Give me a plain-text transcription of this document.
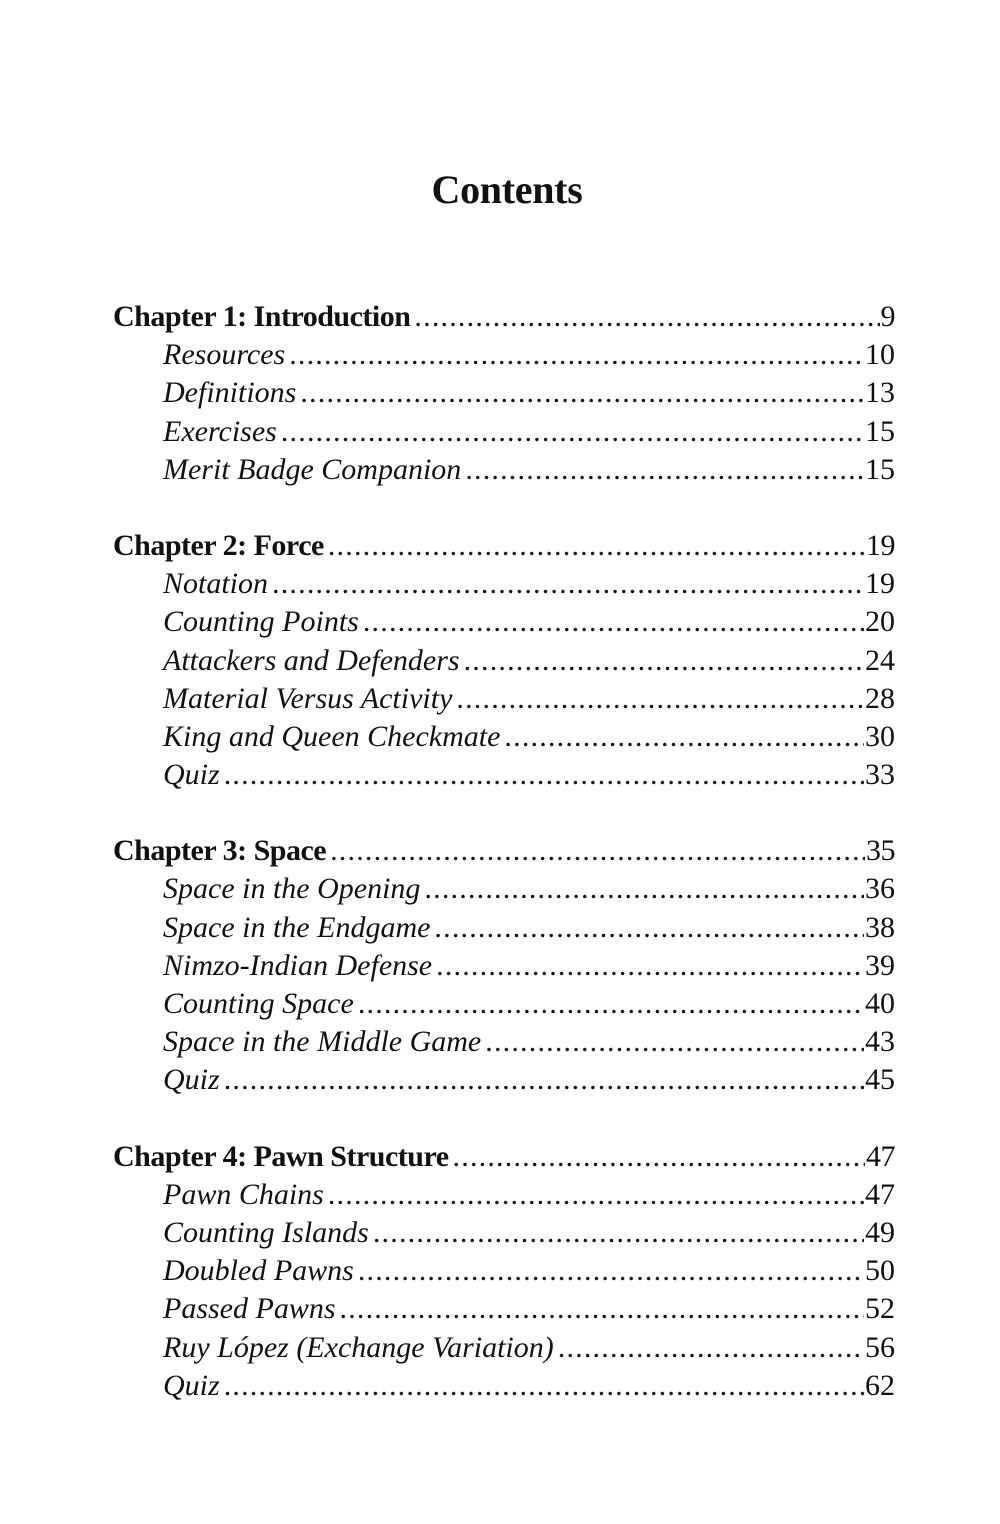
Contents
Chapter 1: Introduction .....	9
Resources .....	10
Definitions .....	13
Exercises .....	15
Merit Badge Companion .....	15
Chapter 2: Force .....	19
Notation .....	19
Counting Points .....	20
Attackers and Defenders .....	24
Material Versus Activity .....	28
King and Queen Checkmate .....	30
Quiz .....	33
Chapter 3: Space .....	35
Space in the Opening .....	36
Space in the Endgame .....	38
Nimzo-Indian Defense .....	39
Counting Space .....	40
Space in the Middle Game .....	43
Quiz .....	45
Chapter 4: Pawn Structure .....	47
Pawn Chains .....	47
Counting Islands .....	49
Doubled Pawns .....	50
Passed Pawns .....	52
Ruy López (Exchange Variation) .....	56
Quiz .....	62
